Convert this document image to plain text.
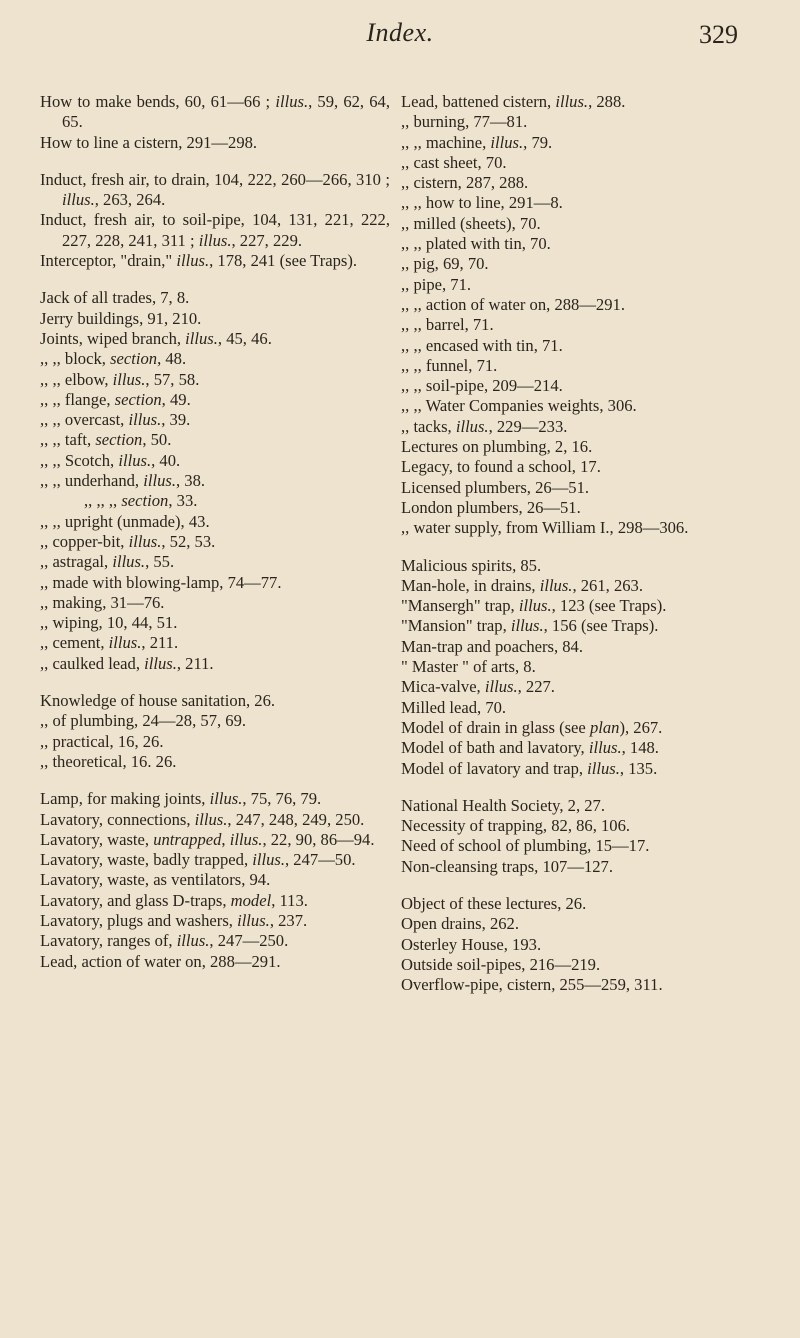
Index.	329

How to make bends, 60, 61—66 ; illus., 59, 62, 64, 65.

How to line a cistern, 291—298.

Induct, fresh air, to drain, 104, 222, 260—266, 310 ; illus., 263, 264.

Induct, fresh air, to soil-pipe, 104, 131, 221, 222, 227, 228, 241, 311 ; illus., 227, 229.

Interceptor, "drain," illus., 178, 241 (see Traps).

Jack of all trades, 7, 8.

Jerry buildings, 91, 210.

Joints, wiped branch, illus., 45, 46.

,, ,, block, section, 48.

,, ,, elbow, illus., 57, 58.

,, ,, flange, section, 49.

,, ,, overcast, illus., 39.

,, ,, taft, section, 50.

,, ,, Scotch, illus., 40.

,, ,, underhand, illus., 38.

,, ,, ,, section, 33.

,, ,, upright (unmade), 43.

,, copper-bit, illus., 52, 53.

,, astragal, illus., 55.

,, made with blowing-lamp, 74—77.

,, making, 31—76.

,, wiping, 10, 44, 51.

,, cement, illus., 211.

,, caulked lead, illus., 211.

Knowledge of house sanitation, 26.

,, of plumbing, 24—28, 57, 69.

,, practical, 16, 26.

,, theoretical, 16. 26.

Lamp, for making joints, illus., 75, 76, 79.

Lavatory, connections, illus., 247, 248, 249, 250.

Lavatory, waste, untrapped, illus., 22, 90, 86—94.

Lavatory, waste, badly trapped, illus., 247—50.

Lavatory, waste, as ventilators, 94.

Lavatory, and glass D-traps, model, 113.

Lavatory, plugs and washers, illus., 237.

Lavatory, ranges of, illus., 247—250.

Lead, action of water on, 288—291.

Lead, battened cistern, illus., 288.

,, burning, 77—81.

,, ,, machine, illus., 79.

,, cast sheet, 70.

,, cistern, 287, 288.

,, ,, how to line, 291—8.

,, milled (sheets), 70.

,, ,, plated with tin, 70.

,, pig, 69, 70.

,, pipe, 71.

,, ,, action of water on, 288—291.

,, ,, barrel, 71.

,, ,, encased with tin, 71.

,, ,, funnel, 71.

,, ,, soil-pipe, 209—214.

,, ,, Water Companies weights, 306.

,, tacks, illus., 229—233.

Lectures on plumbing, 2, 16.

Legacy, to found a school, 17.

Licensed plumbers, 26—51.

London plumbers, 26—51.

,, water supply, from William I., 298—306.

Malicious spirits, 85.

Man-hole, in drains, illus., 261, 263.

"Mansergh" trap, illus., 123 (see Traps).

"Mansion" trap, illus., 156 (see Traps).

Man-trap and poachers, 84.

" Master " of arts, 8.

Mica-valve, illus., 227.

Milled lead, 70.

Model of drain in glass (see plan), 267.

Model of bath and lavatory, illus., 148.

Model of lavatory and trap, illus., 135.

National Health Society, 2, 27.

Necessity of trapping, 82, 86, 106.

Need of school of plumbing, 15—17.

Non-cleansing traps, 107—127.

Object of these lectures, 26.

Open drains, 262.

Osterley House, 193.

Outside soil-pipes, 216—219.

Overflow-pipe, cistern, 255—259, 311.
